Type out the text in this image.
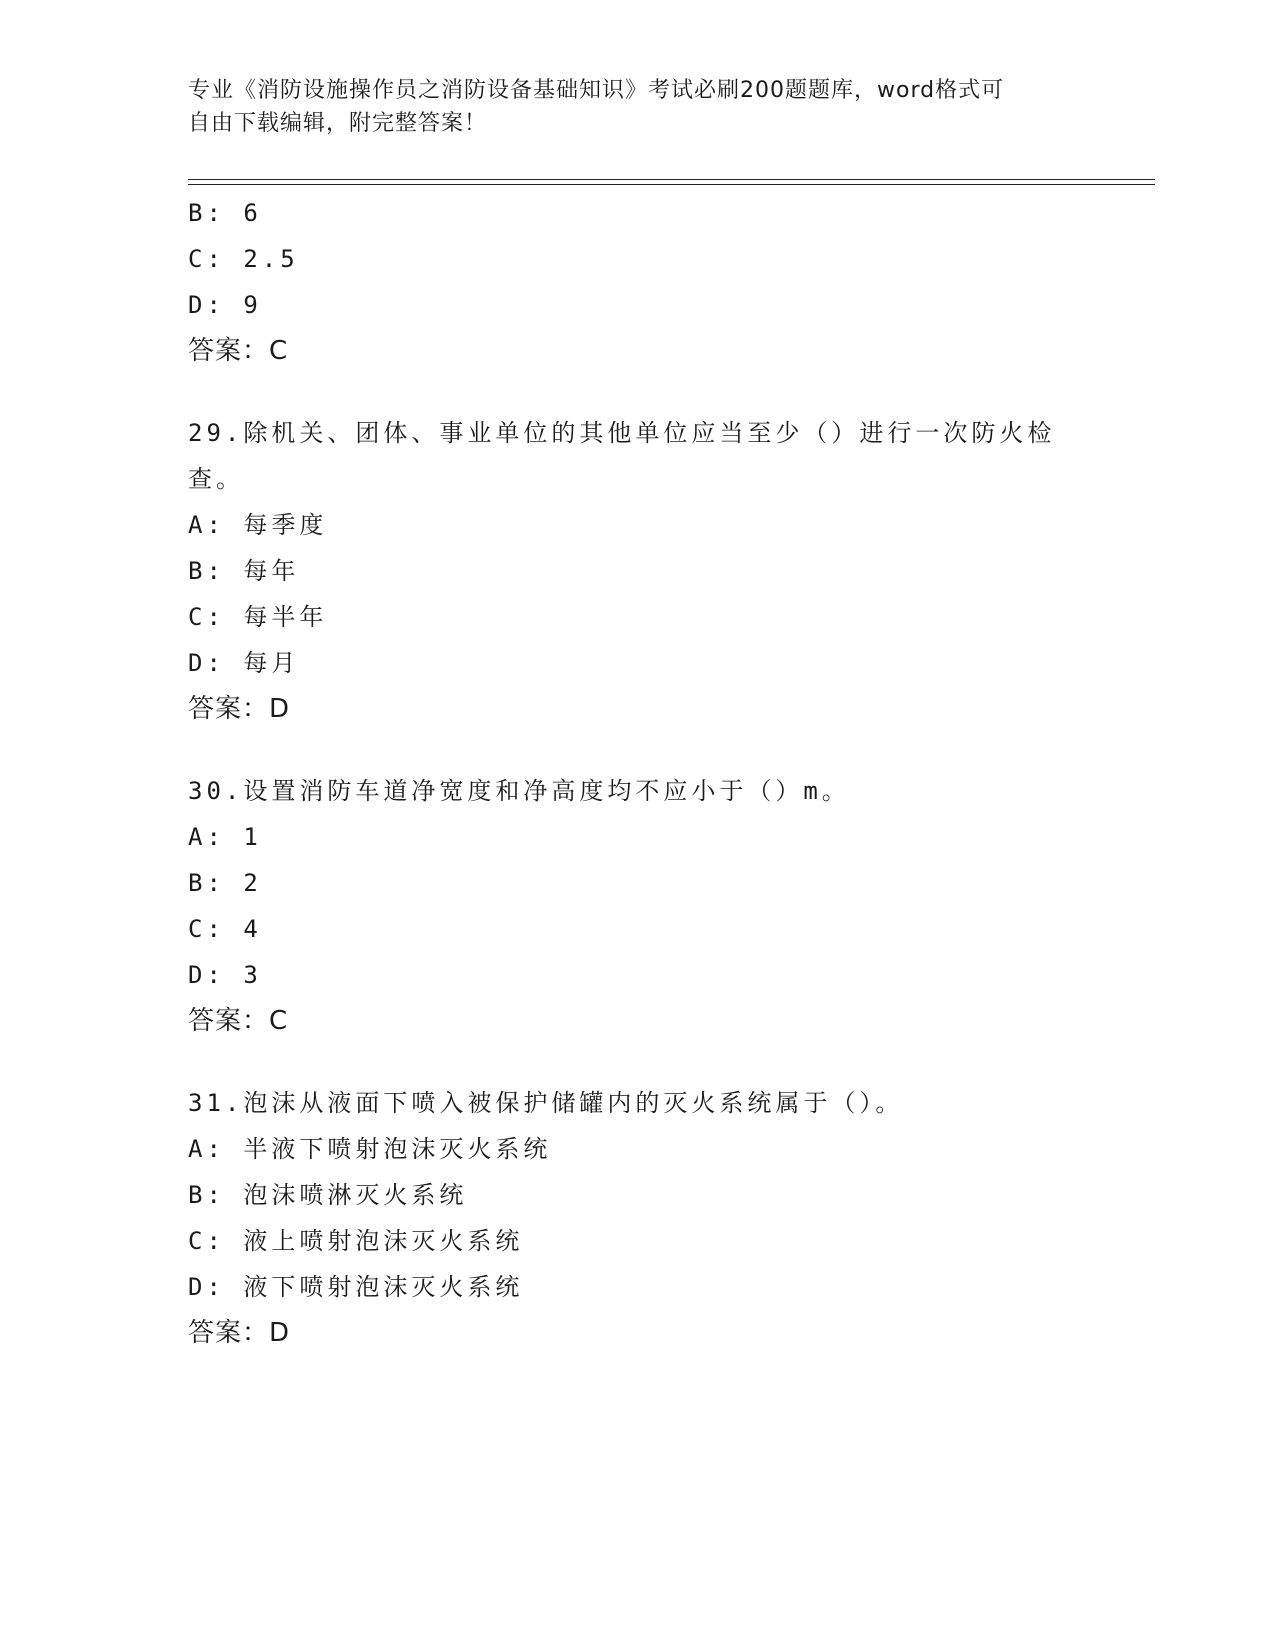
专业《消防设施操作员之消防设备基础知识》考试必刷200题题库，word格式可
自由下载编辑，附完整答案！
B: 6
C: 2.5
D: 9
答案：C
29.除机关、团体、事业单位的其他单位应当至少（）进行一次防火检
查。
A: 每季度
B: 每年
C: 每半年
D: 每月
答案：D
30.设置消防车道净宽度和净高度均不应小于（）m。
A: 1
B: 2
C: 4
D: 3
答案：C
31.泡沫从液面下喷入被保护储罐内的灭火系统属于（）。
A: 半液下喷射泡沫灭火系统
B: 泡沫喷淋灭火系统
C: 液上喷射泡沫灭火系统
D: 液下喷射泡沫灭火系统
答案：D
